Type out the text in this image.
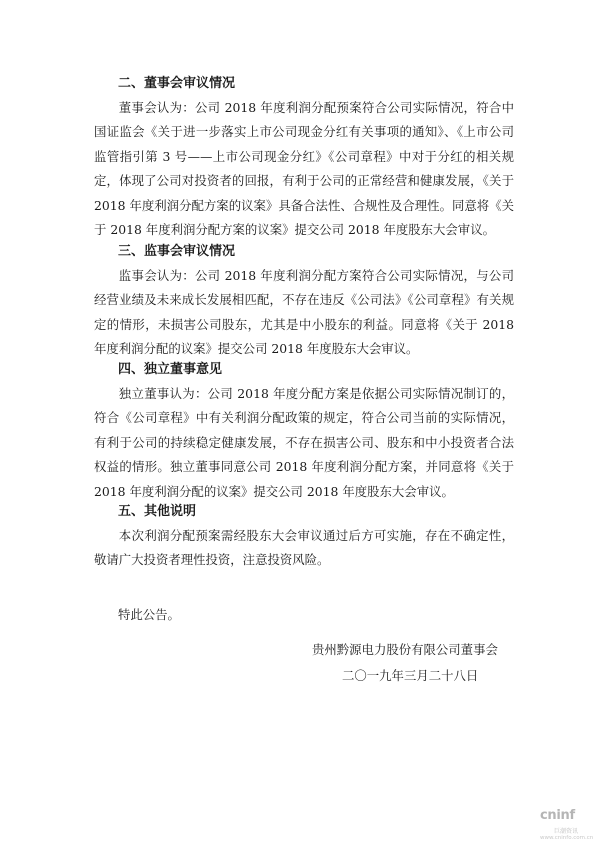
二、董事会审议情况

董事会认为：公司 2018 年度利润分配预案符合公司实际情况，符合中国证监会《关于进一步落实上市公司现金分红有关事项的通知》、《上市公司监管指引第 3 号——上市公司现金分红》《公司章程》中对于分红的相关规定，体现了公司对投资者的回报，有利于公司的正常经营和健康发展，《关于 2018 年度利润分配方案的议案》具备合法性、合规性及合理性。同意将《关于 2018 年度利润分配方案的议案》提交公司 2018 年度股东大会审议。

三、监事会审议情况

监事会认为：公司 2018 年度利润分配方案符合公司实际情况，与公司经营业绩及未来成长发展相匹配，不存在违反《公司法》《公司章程》有关规定的情形，未损害公司股东，尤其是中小股东的利益。同意将《关于 2018 年度利润分配的议案》提交公司 2018 年度股东大会审议。

四、独立董事意见

独立董事认为：公司 2018 年度分配方案是依据公司实际情况制订的，符合《公司章程》中有关利润分配政策的规定，符合公司当前的实际情况，有利于公司的持续稳定健康发展，不存在损害公司、股东和中小投资者合法权益的情形。独立董事同意公司 2018 年度利润分配方案，并同意将《关于 2018 年度利润分配的议案》提交公司 2018 年度股东大会审议。

五、其他说明

本次利润分配预案需经股东大会审议通过后方可实施，存在不确定性，敬请广大投资者理性投资，注意投资风险。

特此公告。

贵州黔源电力股份有限公司董事会

二〇一九年三月二十八日

cninf
巨潮资讯
www.cninfo.com.cn
